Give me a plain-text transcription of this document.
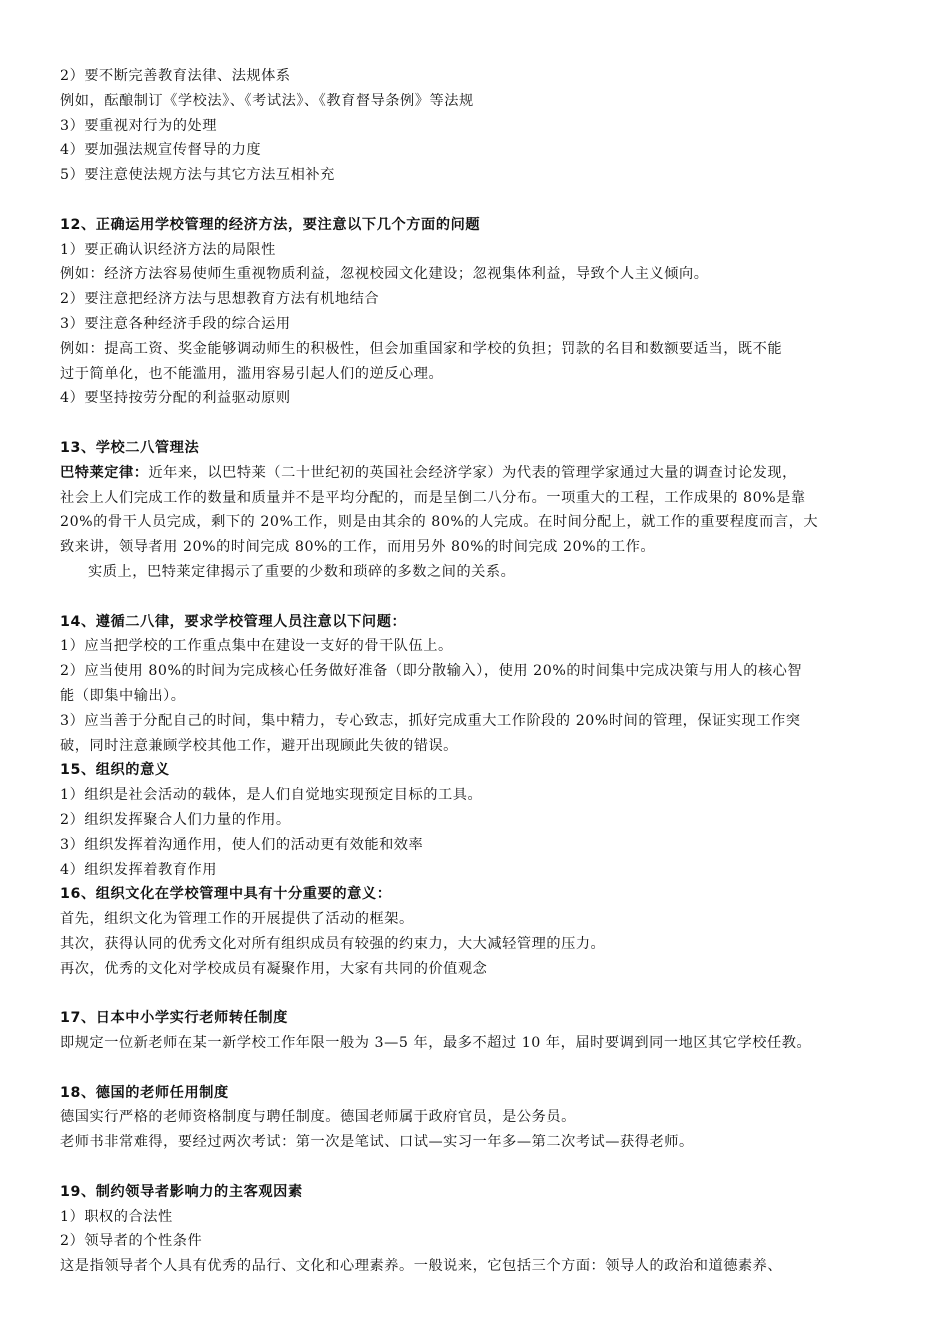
2）要不断完善教育法律、法规体系
例如，酝酿制订《学校法》、《考试法》、《教育督导条例》等法规
3）要重视对行为的处理
4）要加强法规宣传督导的力度
5）要注意使法规方法与其它方法互相补充
12、正确运用学校管理的经济方法，要注意以下几个方面的问题
1）要正确认识经济方法的局限性
例如：经济方法容易使师生重视物质利益，忽视校园文化建设；忽视集体利益，导致个人主义倾向。
2）要注意把经济方法与思想教育方法有机地结合
3）要注意各种经济手段的综合运用
例如：提高工资、奖金能够调动师生的积极性，但会加重国家和学校的负担；罚款的名目和数额要适当，既不能
过于简单化，也不能滥用，滥用容易引起人们的逆反心理。
4）要坚持按劳分配的利益驱动原则
13、学校二八管理法
巴特莱定律：近年来，以巴特莱（二十世纪初的英国社会经济学家）为代表的管理学家通过大量的调查讨论发现，
社会上人们完成工作的数量和质量并不是平均分配的，而是呈倒二八分布。一项重大的工程，工作成果的 80%是靠
20%的骨干人员完成，剩下的 20%工作，则是由其余的 80%的人完成。在时间分配上，就工作的重要程度而言，大
致来讲，领导者用 20%的时间完成 80%的工作，而用另外 80%的时间完成 20%的工作。
实质上，巴特莱定律揭示了重要的少数和琐碎的多数之间的关系。
14、遵循二八律，要求学校管理人员注意以下问题：
1）应当把学校的工作重点集中在建设一支好的骨干队伍上。
2）应当使用 80%的时间为完成核心任务做好准备（即分散输入），使用 20%的时间集中完成决策与用人的核心智
能（即集中输出）。
3）应当善于分配自己的时间，集中精力，专心致志，抓好完成重大工作阶段的 20%时间的管理，保证实现工作突
破，同时注意兼顾学校其他工作，避开出现顾此失彼的错误。
15、组织的意义
1）组织是社会活动的载体，是人们自觉地实现预定目标的工具。
2）组织发挥聚合人们力量的作用。
3）组织发挥着沟通作用，使人们的活动更有效能和效率
4）组织发挥着教育作用
16、组织文化在学校管理中具有十分重要的意义：
首先，组织文化为管理工作的开展提供了活动的框架。
其次，获得认同的优秀文化对所有组织成员有较强的约束力，大大减轻管理的压力。
再次，优秀的文化对学校成员有凝聚作用，大家有共同的价值观念
17、日本中小学实行老师转任制度
即规定一位新老师在某一新学校工作年限一般为 3—5 年，最多不超过 10 年，届时要调到同一地区其它学校任教。
18、德国的老师任用制度
德国实行严格的老师资格制度与聘任制度。德国老师属于政府官员，是公务员。
老师书非常难得，要经过两次考试：第一次是笔试、口试—实习一年多—第二次考试—获得老师。
19、制约领导者影响力的主客观因素
1）职权的合法性
2）领导者的个性条件
这是指领导者个人具有优秀的品行、文化和心理素养。一般说来，它包括三个方面：领导人的政治和道德素养、
